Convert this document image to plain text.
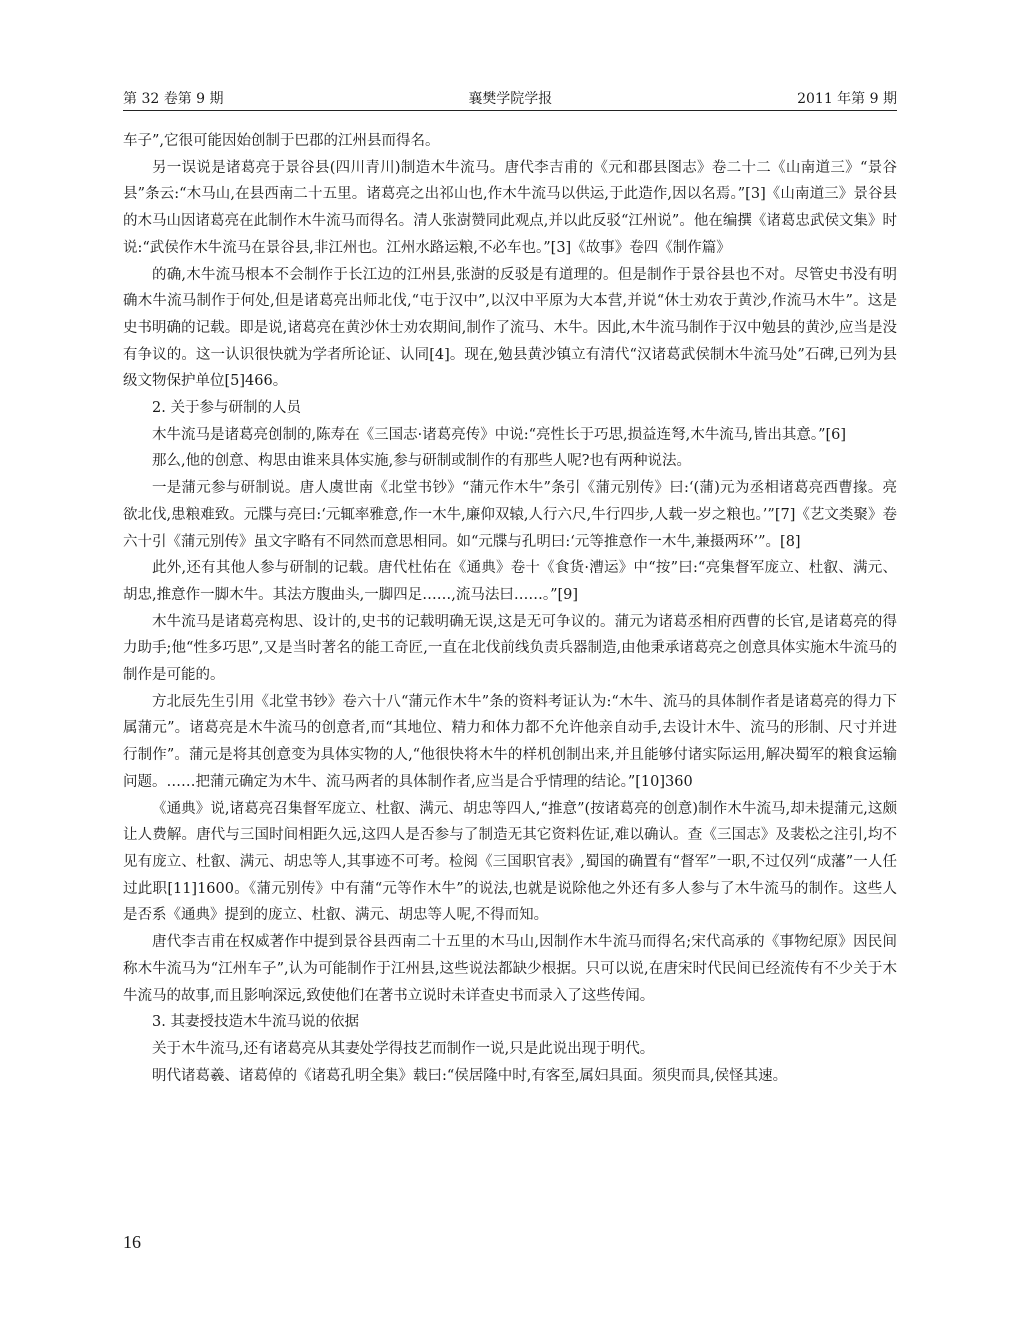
第 32 卷第 9 期	襄樊学院学报	2011 年第 9 期

车子”,它很可能因始创制于巴郡的江州县而得名。

另一误说是诸葛亮于景谷县(四川青川)制造木牛流马。唐代李吉甫的《元和郡县图志》卷二十二《山南道三》“景谷县”条云:“木马山,在县西南二十五里。诸葛亮之出祁山也,作木牛流马以供运,于此造作,因以名焉。”[3]《山南道三》景谷县的木马山因诸葛亮在此制作木牛流马而得名。清人张澍赞同此观点,并以此反驳“江州说”。他在编撰《诸葛忠武侯文集》时说:“武侯作木牛流马在景谷县,非江州也。江州水路运粮,不必车也。”[3]《故事》卷四《制作篇》

的确,木牛流马根本不会制作于长江边的江州县,张澍的反驳是有道理的。但是制作于景谷县也不对。尽管史书没有明确木牛流马制作于何处,但是诸葛亮出师北伐,“屯于汉中”,以汉中平原为大本营,并说“休士劝农于黄沙,作流马木牛”。这是史书明确的记载。即是说,诸葛亮在黄沙休士劝农期间,制作了流马、木牛。因此,木牛流马制作于汉中勉县的黄沙,应当是没有争议的。这一认识很快就为学者所论证、认同[4]。现在,勉县黄沙镇立有清代“汉诸葛武侯制木牛流马处”石碑,已列为县级文物保护单位[5]466。

2. 关于参与研制的人员

木牛流马是诸葛亮创制的,陈寿在《三国志·诸葛亮传》中说:“亮性长于巧思,损益连弩,木牛流马,皆出其意。”[6]

那么,他的创意、构思由谁来具体实施,参与研制或制作的有那些人呢?也有两种说法。

一是蒲元参与研制说。唐人虞世南《北堂书钞》“蒲元作木牛”条引《蒲元别传》曰:‘(蒲)元为丞相诸葛亮西曹掾。亮欲北伐,患粮难致。元牒与亮曰:‘元辄率雅意,作一木牛,廉仰双辕,人行六尺,牛行四步,人载一岁之粮也。’”[7]《艺文类聚》卷六十引《蒲元别传》虽文字略有不同然而意思相同。如“元牒与孔明曰:‘元等推意作一木牛,兼摄两环’”。[8]

此外,还有其他人参与研制的记载。唐代杜佑在《通典》卷十《食货·漕运》中“按”曰:“亮集督军庞立、杜叡、满元、胡忠,推意作一脚木牛。其法方腹曲头,一脚四足……,流马法曰……。”[9]

木牛流马是诸葛亮构思、设计的,史书的记载明确无误,这是无可争议的。蒲元为诸葛丞相府西曹的长官,是诸葛亮的得力助手;他“性多巧思”,又是当时著名的能工奇匠,一直在北伐前线负责兵器制造,由他秉承诸葛亮之创意具体实施木牛流马的制作是可能的。

方北辰先生引用《北堂书钞》卷六十八“蒲元作木牛”条的资料考证认为:“木牛、流马的具体制作者是诸葛亮的得力下属蒲元”。诸葛亮是木牛流马的创意者,而“其地位、精力和体力都不允许他亲自动手,去设计木牛、流马的形制、尺寸并进行制作”。蒲元是将其创意变为具体实物的人,“他很快将木牛的样机创制出来,并且能够付诸实际运用,解决蜀军的粮食运输问题。……把蒲元确定为木牛、流马两者的具体制作者,应当是合乎情理的结论。”[10]360

《通典》说,诸葛亮召集督军庞立、杜叡、满元、胡忠等四人,“推意”(按诸葛亮的创意)制作木牛流马,却未提蒲元,这颇让人费解。唐代与三国时间相距久远,这四人是否参与了制造无其它资料佐证,难以确认。查《三国志》及裴松之注引,均不见有庞立、杜叡、满元、胡忠等人,其事迹不可考。检阅《三国职官表》,蜀国的确置有“督军”一职,不过仅列“成藩”一人任过此职[11]1600。《蒲元别传》中有蒲“元等作木牛”的说法,也就是说除他之外还有多人参与了木牛流马的制作。这些人是否系《通典》提到的庞立、杜叡、满元、胡忠等人呢,不得而知。

唐代李吉甫在权威著作中提到景谷县西南二十五里的木马山,因制作木牛流马而得名;宋代高承的《事物纪原》因民间称木牛流马为“江州车子”,认为可能制作于江州县,这些说法都缺少根据。只可以说,在唐宋时代民间已经流传有不少关于木牛流马的故事,而且影响深远,致使他们在著书立说时未详查史书而录入了这些传闻。

3. 其妻授技造木牛流马说的依据

关于木牛流马,还有诸葛亮从其妻处学得技艺而制作一说,只是此说出现于明代。

明代诸葛羲、诸葛倬的《诸葛孔明全集》载曰:“侯居隆中时,有客至,属妇具面。须臾而具,侯怪其速。

16
